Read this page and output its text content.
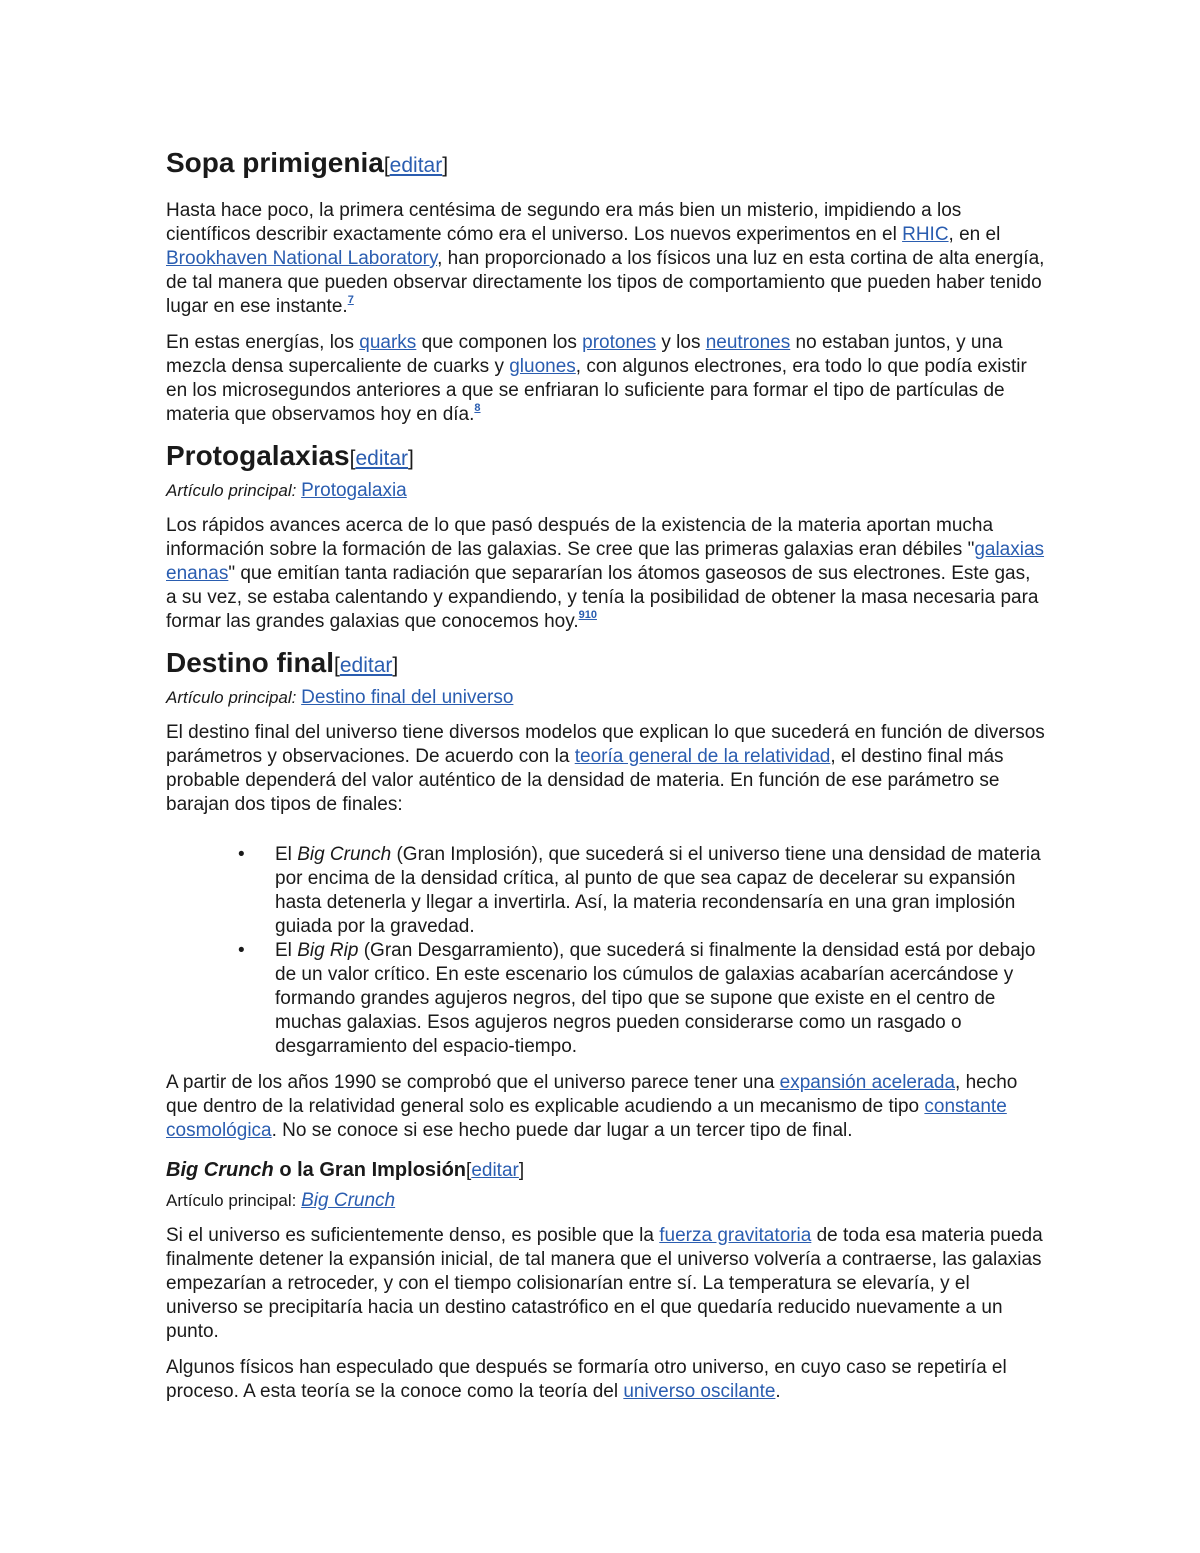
Sopa primigenia[editar]

Hasta hace poco, la primera centésima de segundo era más bien un misterio, impidiendo a los científicos describir exactamente cómo era el universo. Los nuevos experimentos en el RHIC, en el Brookhaven National Laboratory, han proporcionado a los físicos una luz en esta cortina de alta energía, de tal manera que pueden observar directamente los tipos de comportamiento que pueden haber tenido lugar en ese instante.$^7$

En estas energías, los quarks que componen los protones y los neutrones no estaban juntos, y una mezcla densa supercaliente de cuarks y gluones, con algunos electrones, era todo lo que podía existir en los microsegundos anteriores a que se enfriaran lo suficiente para formar el tipo de partículas de materia que observamos hoy en día.$^8$

Protogalaxias[editar]

Artículo principal: Protogalaxia

Los rápidos avances acerca de lo que pasó después de la existencia de la materia aportan mucha información sobre la formación de las galaxias. Se cree que las primeras galaxias eran débiles "galaxias enanas" que emitían tanta radiación que separarían los átomos gaseosos de sus electrones. Este gas, a su vez, se estaba calentando y expandiendo, y tenía la posibilidad de obtener la masa necesaria para formar las grandes galaxias que conocemos hoy.$^{910}$

Destino final[editar]

Artículo principal: Destino final del universo

El destino final del universo tiene diversos modelos que explican lo que sucederá en función de diversos parámetros y observaciones. De acuerdo con la teoría general de la relatividad, el destino final más probable dependerá del valor auténtico de la densidad de materia. En función de ese parámetro se barajan dos tipos de finales:

• El Big Crunch (Gran Implosión), que sucederá si el universo tiene una densidad de materia por encima de la densidad crítica, al punto de que sea capaz de decelerar su expansión hasta detenerla y llegar a invertirla. Así, la materia recondensaría en una gran implosión guiada por la gravedad.
• El Big Rip (Gran Desgarramiento), que sucederá si finalmente la densidad está por debajo de un valor crítico. En este escenario los cúmulos de galaxias acabarían acercándose y formando grandes agujeros negros, del tipo que se supone que existe en el centro de muchas galaxias. Esos agujeros negros pueden considerarse como un rasgado o desgarramiento del espacio-tiempo.

A partir de los años 1990 se comprobó que el universo parece tener una expansión acelerada, hecho que dentro de la relatividad general solo es explicable acudiendo a un mecanismo de tipo constante cosmológica. No se conoce si ese hecho puede dar lugar a un tercer tipo de final.

Big Crunch o la Gran Implosión[editar]

Artículo principal: Big Crunch

Si el universo es suficientemente denso, es posible que la fuerza gravitatoria de toda esa materia pueda finalmente detener la expansión inicial, de tal manera que el universo volvería a contraerse, las galaxias empezarían a retroceder, y con el tiempo colisionarían entre sí. La temperatura se elevaría, y el universo se precipitaría hacia un destino catastrófico en el que quedaría reducido nuevamente a un punto.

Algunos físicos han especulado que después se formaría otro universo, en cuyo caso se repetiría el proceso. A esta teoría se la conoce como la teoría del universo oscilante.
